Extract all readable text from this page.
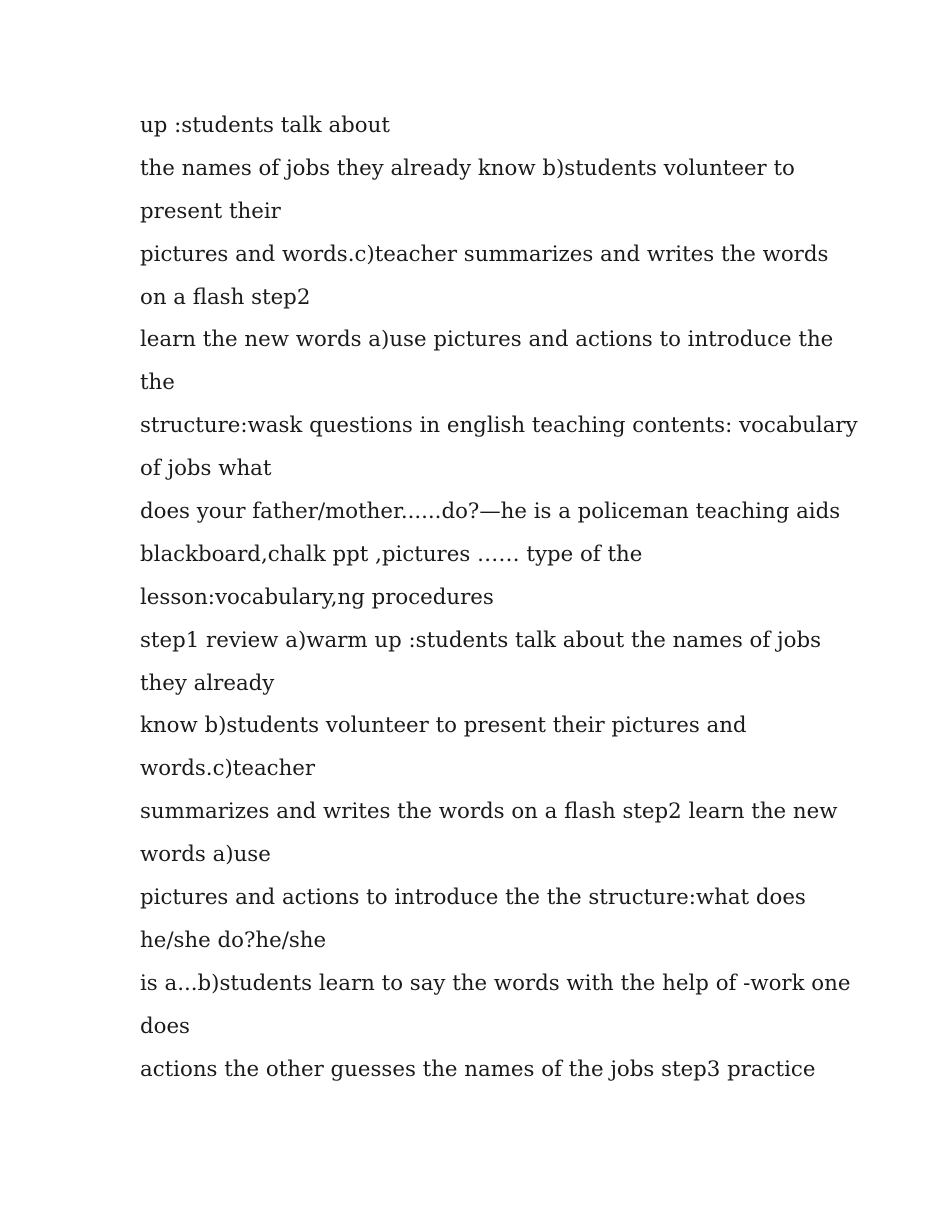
up :students talk about
the names of jobs they already know b)students volunteer to
present their
pictures and words.c)teacher summarizes and writes the words
on a flash step2
learn the new words a)use pictures and actions to introduce the
the
structure:wask questions in english teaching contents: vocabulary
of jobs what
does your father/mother......do?—he is a policeman teaching aids
blackboard,chalk ppt ,pictures …… type of the
lesson:vocabulary,ng procedures
step1 review a)warm up :students talk about the names of jobs
they already
know b)students volunteer to present their pictures and
words.c)teacher
summarizes and writes the words on a flash step2 learn the new
words a)use
pictures and actions to introduce the the structure:what does
he/she do?he/she
is a...b)students learn to say the words with the help of -work one
does
actions the other guesses the names of the jobs step3 practice
